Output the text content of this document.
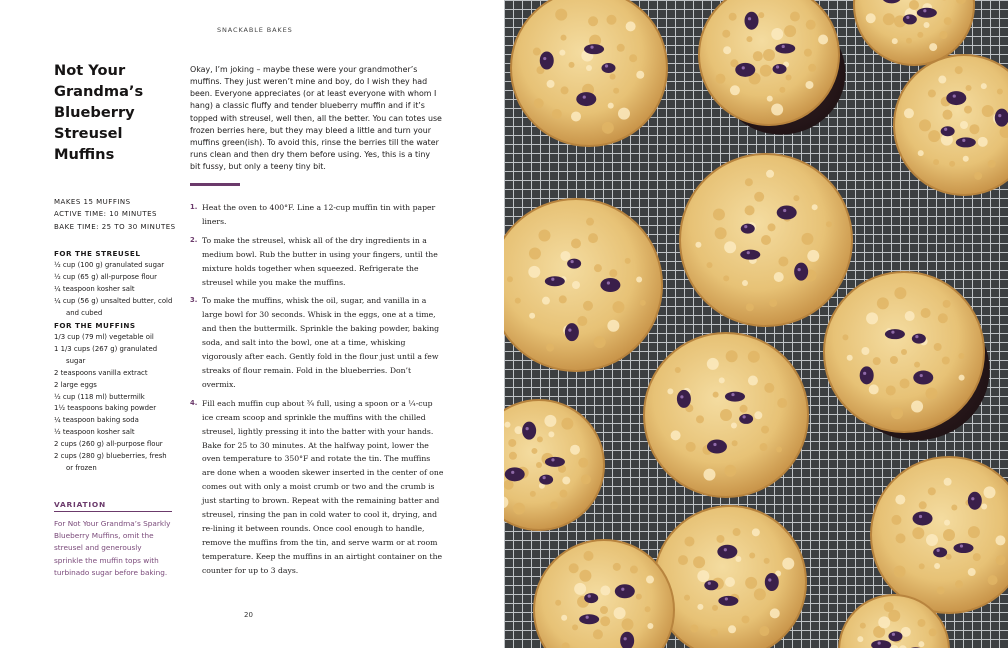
SNACKABLE BAKES
Not Your
Grandma’s
Blueberry
Streusel
Muffins
MAKES 15 MUFFINS
ACTIVE TIME: 10 MINUTES
BAKE TIME: 25 TO 30 MINUTES
FOR THE STREUSEL
½ cup (100 g) granulated sugar
½ cup (65 g) all-purpose flour
¼ teaspoon kosher salt
¼ cup (56 g) unsalted butter, cold and cubed
FOR THE MUFFINS
1/3 cup (79 ml) vegetable oil
1 1/3 cups (267 g) granulated sugar
2 teaspoons vanilla extract
2 large eggs
½ cup (118 ml) buttermilk
1½ teaspoons baking powder
¼ teaspoon baking soda
½ teaspoon kosher salt
2 cups (260 g) all-purpose flour
2 cups (280 g) blueberries, fresh or frozen
VARIATION
For Not Your Grandma’s Sparkly Blueberry Muffins, omit the streusel and generously sprinkle the muffin tops with turbinado sugar before baking.
Okay, I’m joking – maybe these were your grandmother’s muffins. They just weren’t mine and boy, do I wish they had been. Everyone appreciates (or at least everyone with whom I hang) a classic fluffy and tender blueberry muffin and if it’s topped with streusel, well then, all the better. You can totes use frozen berries here, but they may bleed a little and turn your muffins green(ish). To avoid this, rinse the berries till the water runs clean and then dry them before using. Yes, this is a tiny bit fussy, but only a teeny tiny bit.
1. Heat the oven to 400°F. Line a 12-cup muffin tin with paper liners.
2. To make the streusel, whisk all of the dry ingredients in a medium bowl. Rub the butter in using your fingers, until the mixture holds together when squeezed. Refrigerate the streusel while you make the muffins.
3. To make the muffins, whisk the oil, sugar, and vanilla in a large bowl for 30 seconds. Whisk in the eggs, one at a time, and then the buttermilk. Sprinkle the baking powder, baking soda, and salt into the bowl, one at a time, whisking vigorously after each. Gently fold in the flour just until a few streaks of flour remain. Fold in the blueberries. Don’t overmix.
4. Fill each muffin cup about ¾ full, using a spoon or a ¼-cup ice cream scoop and sprinkle the muffins with the chilled streusel, lightly pressing it into the batter with your hands. Bake for 25 to 30 minutes. At the halfway point, lower the oven temperature to 350°F and rotate the tin. The muffins are done when a wooden skewer inserted in the center of one comes out with only a moist crumb or two and the crumb is just starting to brown. Repeat with the remaining batter and streusel, rinsing the pan in cold water to cool it, drying, and re-lining it between rounds. Once cool enough to handle, remove the muffins from the tin, and serve warm or at room temperature. Keep the muffins in an airtight container on the counter for up to 3 days.
20
